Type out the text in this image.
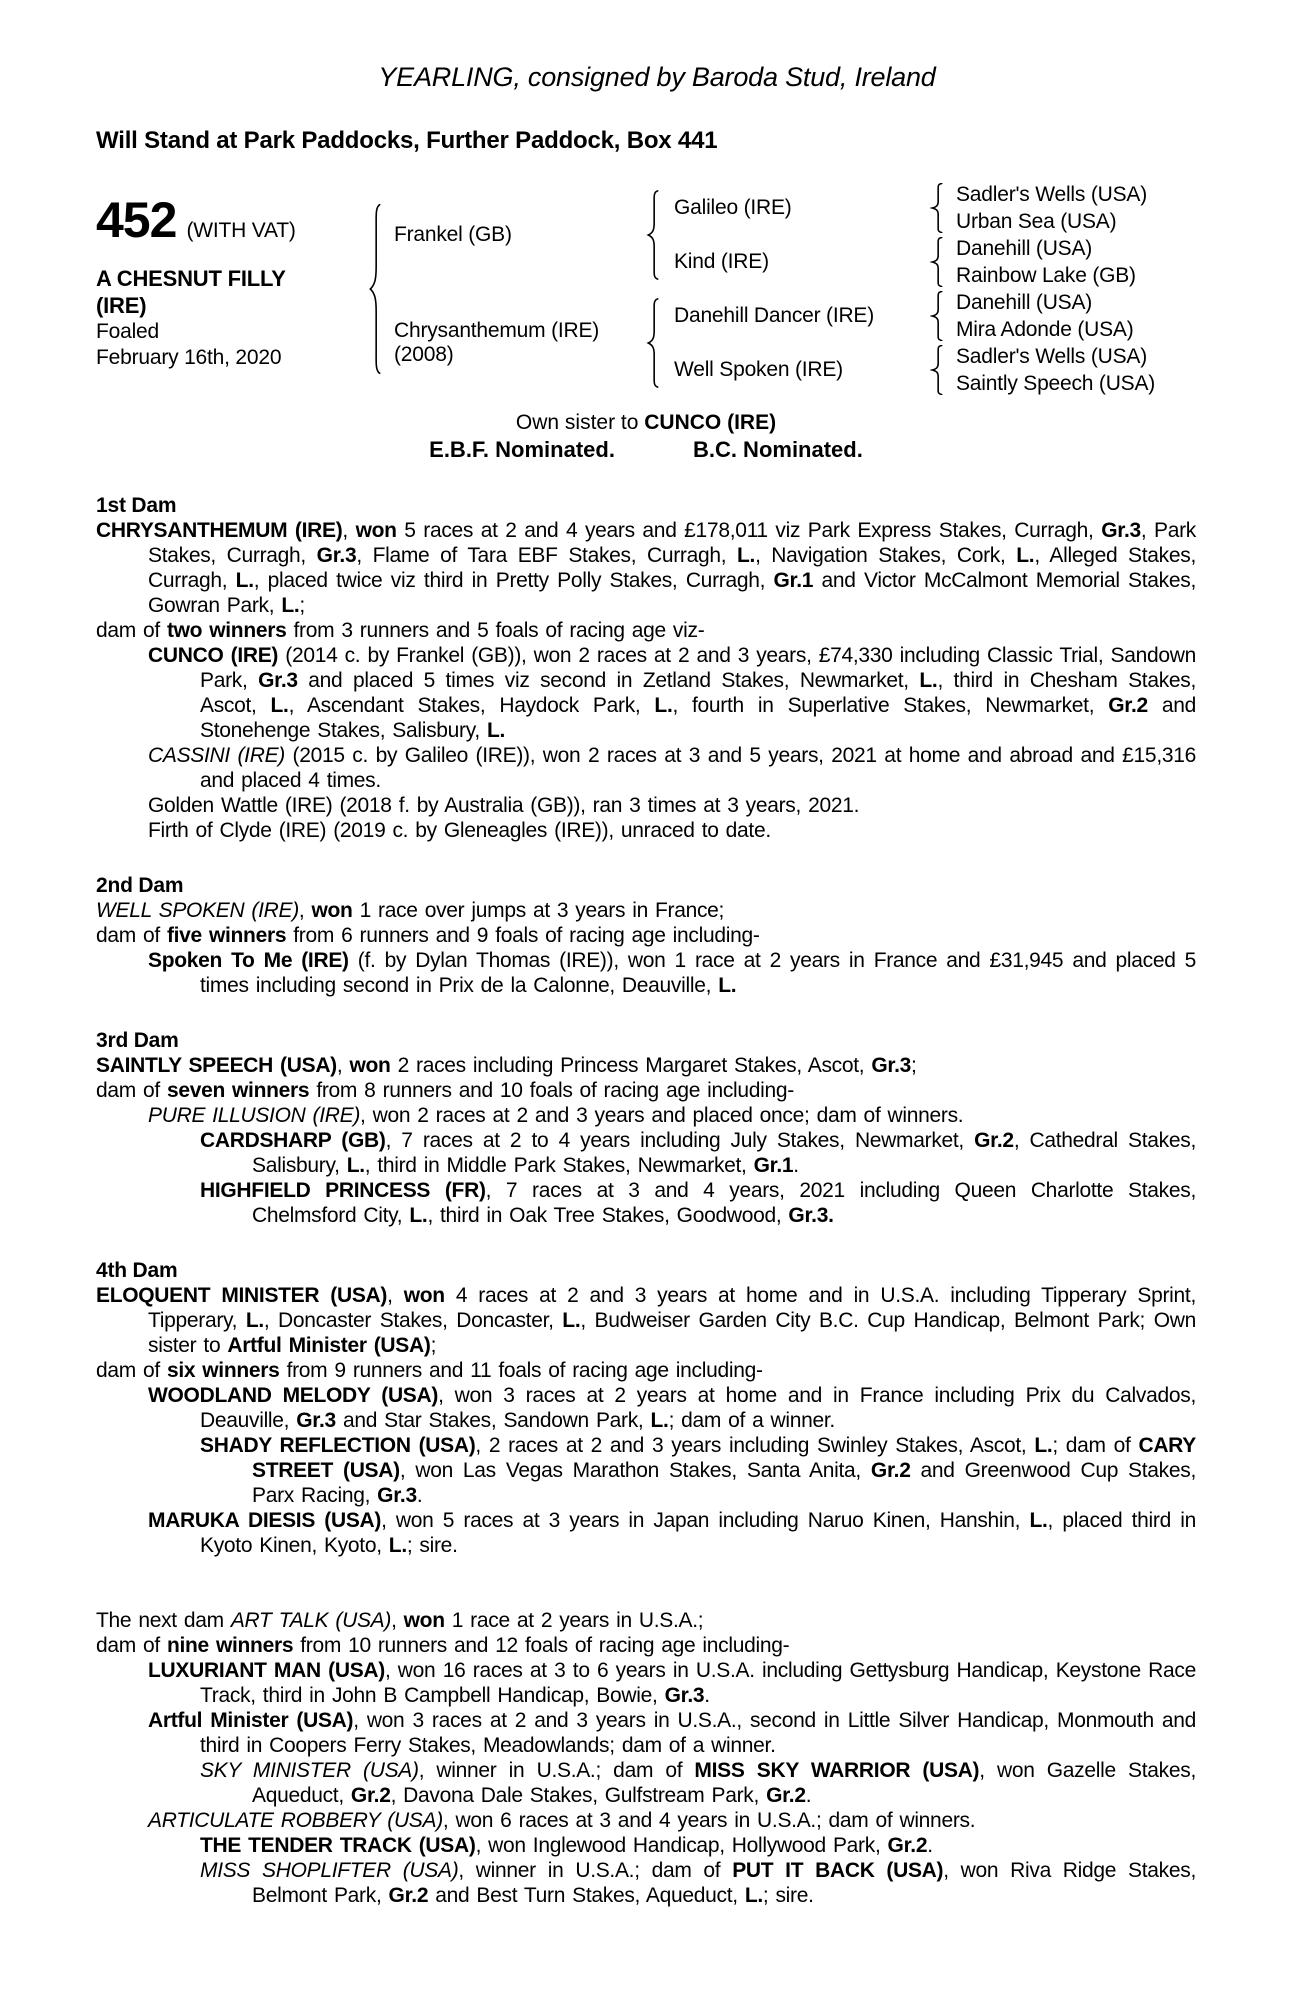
YEARLING, consigned by Baroda Stud, Ireland
Will Stand at Park Paddocks, Further Paddock, Box 441
452 (WITH VAT)
A CHESNUT FILLY (IRE)
Foaled
February 16th, 2020
Frankel (GB)
Chrysanthemum (IRE)
(2008)
Galileo (IRE)
Kind (IRE)
Danehill Dancer (IRE)
Well Spoken (IRE)
Sadler's Wells (USA)
Urban Sea (USA)
Danehill (USA)
Rainbow Lake (GB)
Danehill (USA)
Mira Adonde (USA)
Sadler's Wells (USA)
Saintly Speech (USA)
Own sister to CUNCO (IRE)
E.B.F. Nominated.	B.C. Nominated.
1st Dam

CHRYSANTHEMUM (IRE), won 5 races at 2 and 4 years and £178,011 viz Park Express Stakes, Curragh, Gr.3, Park Stakes, Curragh, Gr.3, Flame of Tara EBF Stakes, Curragh, L., Navigation Stakes, Cork, L., Alleged Stakes, Curragh, L., placed twice viz third in Pretty Polly Stakes, Curragh, Gr.1 and Victor McCalmont Memorial Stakes, Gowran Park, L.;

dam of two winners from 3 runners and 5 foals of racing age viz-

CUNCO (IRE) (2014 c. by Frankel (GB)), won 2 races at 2 and 3 years, £74,330 including Classic Trial, Sandown Park, Gr.3 and placed 5 times viz second in Zetland Stakes, Newmarket, L., third in Chesham Stakes, Ascot, L., Ascendant Stakes, Haydock Park, L., fourth in Superlative Stakes, Newmarket, Gr.2 and Stonehenge Stakes, Salisbury, L.

CASSINI (IRE) (2015 c. by Galileo (IRE)), won 2 races at 3 and 5 years, 2021 at home and abroad and £15,316 and placed 4 times.

Golden Wattle (IRE) (2018 f. by Australia (GB)), ran 3 times at 3 years, 2021.

Firth of Clyde (IRE) (2019 c. by Gleneagles (IRE)), unraced to date.

2nd Dam

WELL SPOKEN (IRE), won 1 race over jumps at 3 years in France;

dam of five winners from 6 runners and 9 foals of racing age including-

Spoken To Me (IRE) (f. by Dylan Thomas (IRE)), won 1 race at 2 years in France and £31,945 and placed 5 times including second in Prix de la Calonne, Deauville, L.

3rd Dam

SAINTLY SPEECH (USA), won 2 races including Princess Margaret Stakes, Ascot, Gr.3;

dam of seven winners from 8 runners and 10 foals of racing age including-

PURE ILLUSION (IRE), won 2 races at 2 and 3 years and placed once; dam of winners.

CARDSHARP (GB), 7 races at 2 to 4 years including July Stakes, Newmarket, Gr.2, Cathedral Stakes, Salisbury, L., third in Middle Park Stakes, Newmarket, Gr.1.

HIGHFIELD PRINCESS (FR), 7 races at 3 and 4 years, 2021 including Queen Charlotte Stakes, Chelmsford City, L., third in Oak Tree Stakes, Goodwood, Gr.3.

4th Dam

ELOQUENT MINISTER (USA), won 4 races at 2 and 3 years at home and in U.S.A. including Tipperary Sprint, Tipperary, L., Doncaster Stakes, Doncaster, L., Budweiser Garden City B.C. Cup Handicap, Belmont Park; Own sister to Artful Minister (USA);

dam of six winners from 9 runners and 11 foals of racing age including-

WOODLAND MELODY (USA), won 3 races at 2 years at home and in France including Prix du Calvados, Deauville, Gr.3 and Star Stakes, Sandown Park, L.; dam of a winner.

SHADY REFLECTION (USA), 2 races at 2 and 3 years including Swinley Stakes, Ascot, L.; dam of CARY STREET (USA), won Las Vegas Marathon Stakes, Santa Anita, Gr.2 and Greenwood Cup Stakes, Parx Racing, Gr.3.

MARUKA DIESIS (USA), won 5 races at 3 years in Japan including Naruo Kinen, Hanshin, L., placed third in Kyoto Kinen, Kyoto, L.; sire.

The next dam ART TALK (USA), won 1 race at 2 years in U.S.A.;

dam of nine winners from 10 runners and 12 foals of racing age including-

LUXURIANT MAN (USA), won 16 races at 3 to 6 years in U.S.A. including Gettysburg Handicap, Keystone Race Track, third in John B Campbell Handicap, Bowie, Gr.3.

Artful Minister (USA), won 3 races at 2 and 3 years in U.S.A., second in Little Silver Handicap, Monmouth and third in Coopers Ferry Stakes, Meadowlands; dam of a winner.

SKY MINISTER (USA), winner in U.S.A.; dam of MISS SKY WARRIOR (USA), won Gazelle Stakes, Aqueduct, Gr.2, Davona Dale Stakes, Gulfstream Park, Gr.2.

ARTICULATE ROBBERY (USA), won 6 races at 3 and 4 years in U.S.A.; dam of winners.

THE TENDER TRACK (USA), won Inglewood Handicap, Hollywood Park, Gr.2.

MISS SHOPLIFTER (USA), winner in U.S.A.; dam of PUT IT BACK (USA), won Riva Ridge Stakes, Belmont Park, Gr.2 and Best Turn Stakes, Aqueduct, L.; sire.
